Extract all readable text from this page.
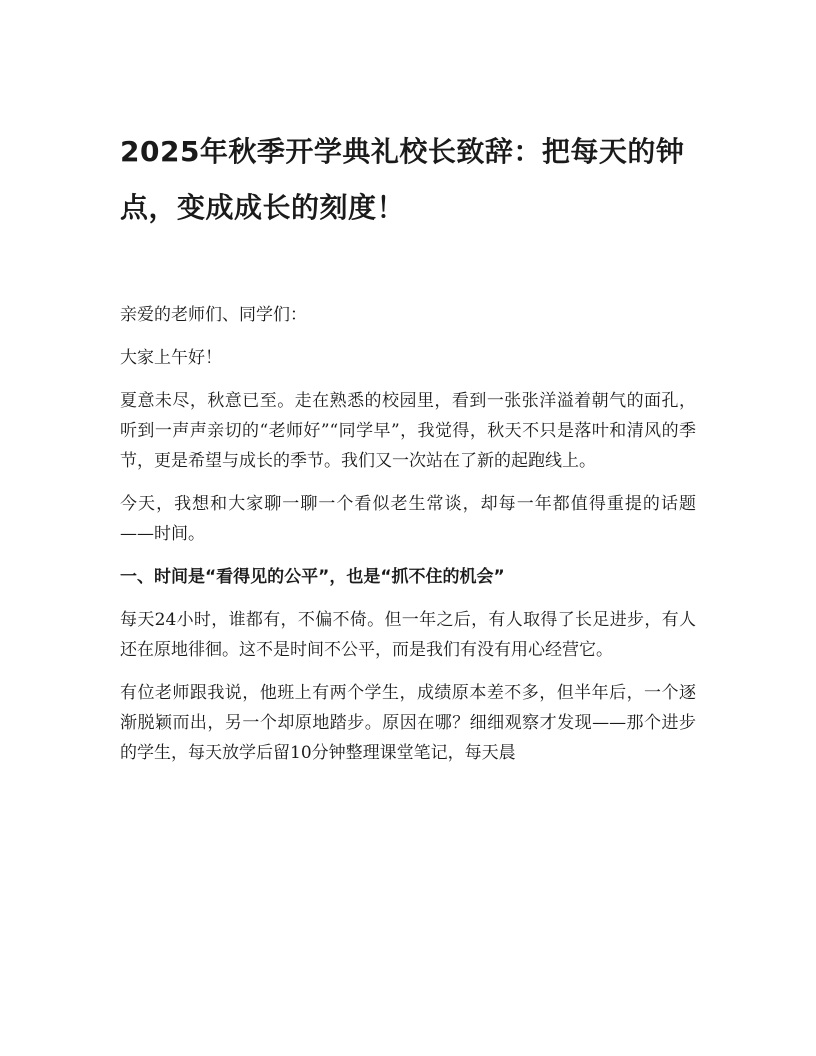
2025年秋季开学典礼校长致辞：把每天的钟点，变成成长的刻度！

亲爱的老师们、同学们：

大家上午好！

夏意未尽，秋意已至。走在熟悉的校园里，看到一张张洋溢着朝气的面孔，听到一声声亲切的“老师好”“同学早”，我觉得，秋天不只是落叶和清风的季节，更是希望与成长的季节。我们又一次站在了新的起跑线上。

今天，我想和大家聊一聊一个看似老生常谈，却每一年都值得重提的话题——时间。

一、时间是“看得见的公平”，也是“抓不住的机会”

每天24小时，谁都有，不偏不倚。但一年之后，有人取得了长足进步，有人还在原地徘徊。这不是时间不公平，而是我们有没有用心经营它。

有位老师跟我说，他班上有两个学生，成绩原本差不多，但半年后，一个逐渐脱颖而出，另一个却原地踏步。原因在哪？细细观察才发现——那个进步的学生，每天放学后留10分钟整理课堂笔记，每天晨
